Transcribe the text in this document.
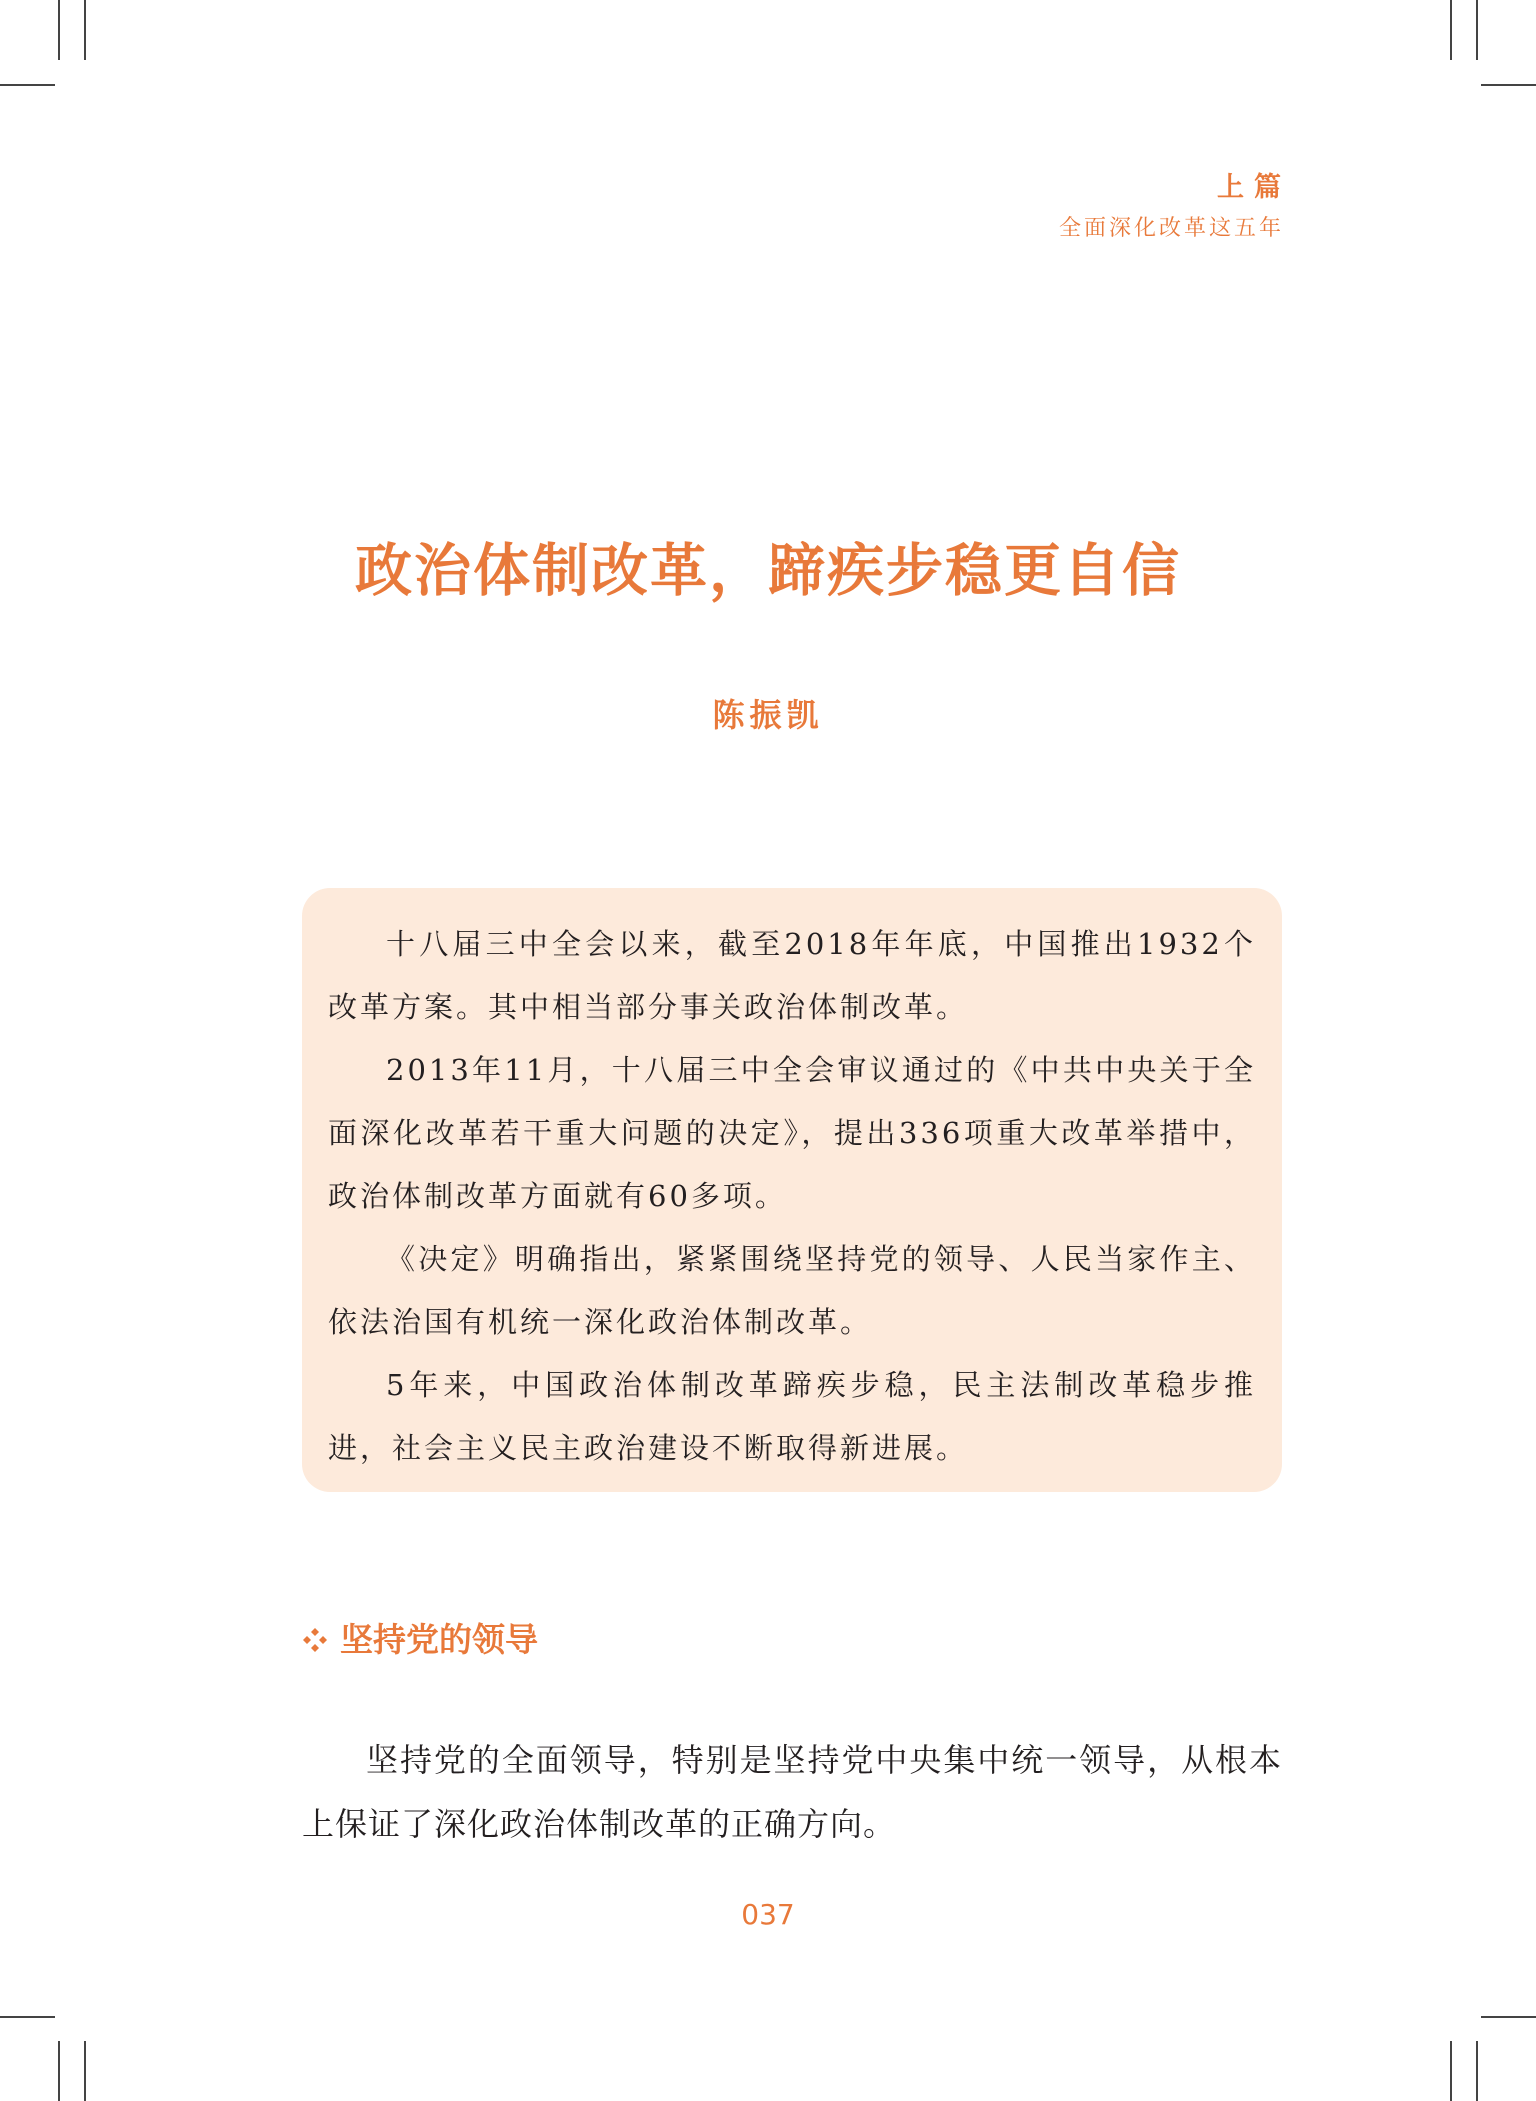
上篇
全面深化改革这五年
政治体制改革，蹄疾步稳更自信
陈振凯

十八届三中全会以来，截至2018年年底，中国推出1932个改革方案。其中相当部分事关政治体制改革。

2013年11月，十八届三中全会审议通过的《中共中央关于全面深化改革若干重大问题的决定》，提出336项重大改革举措中，政治体制改革方面就有60多项。

《决定》明确指出，紧紧围绕坚持党的领导、人民当家作主、依法治国有机统一深化政治体制改革。

5年来，中国政治体制改革蹄疾步稳，民主法制改革稳步推进，社会主义民主政治建设不断取得新进展。

坚持党的领导

坚持党的全面领导，特别是坚持党中央集中统一领导，从根本上保证了深化政治体制改革的正确方向。

037
